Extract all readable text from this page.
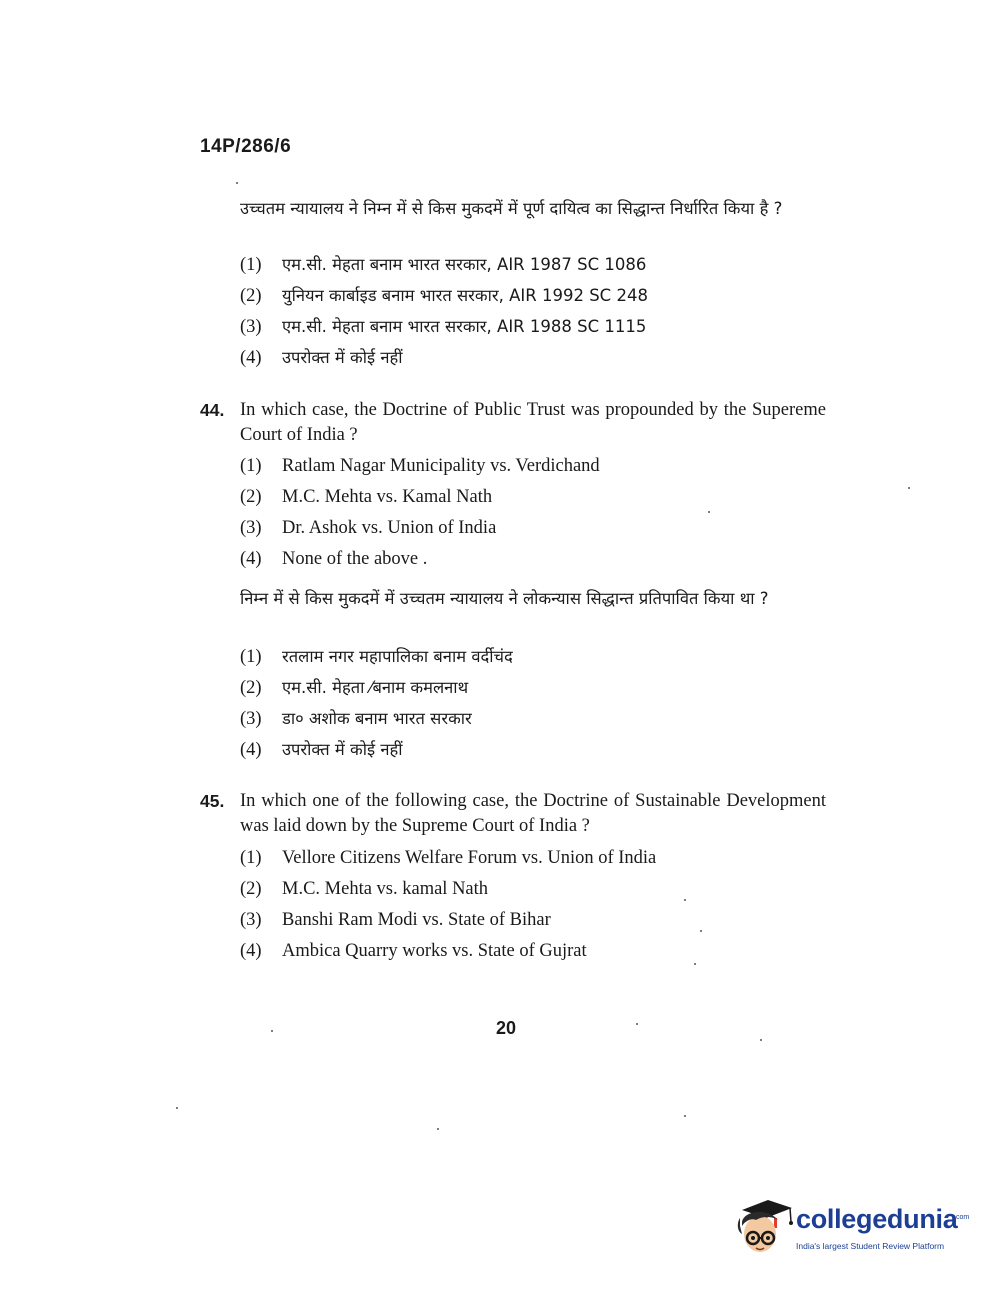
14P/286/6
उच्चतम न्यायालय ने निम्न में से किस मुकदमें में पूर्ण दायित्व का सिद्धान्त निर्धारित किया है ?
(1) एम.सी. मेहता बनाम भारत सरकार, AIR 1987 SC 1086
(2) युनियन कार्बाइड बनाम भारत सरकार, AIR 1992 SC 248
(3) एम.सी. मेहता बनाम भारत सरकार, AIR 1988 SC 1115
(4) उपरोक्त में कोई नहीं
44. In which case, the Doctrine of Public Trust was propounded by the Supereme Court of India ?
(1) Ratlam Nagar Municipality vs. Verdichand
(2) M.C. Mehta vs. Kamal Nath
(3) Dr. Ashok vs. Union of India
(4) None of the above .
निम्न में से किस मुकदमें में उच्चतम न्यायालय ने लोकन्यास सिद्धान्त प्रतिपावित किया था ?
(1) रतलाम नगर महापालिका बनाम वर्दीचंद
(2) एम.सी. मेहता ⁄बनाम कमलनाथ
(3) डा० अशोक बनाम भारत सरकार
(4) उपरोक्त में कोई नहीं
45. In which one of the following case, the Doctrine of Sustainable Development was laid down by the Supreme Court of India ?
(1) Vellore Citizens Welfare Forum vs. Union of India
(2) M.C. Mehta vs. kamal Nath
(3) Banshi Ram Modi vs. State of Bihar
(4) Ambica Quarry works vs. State of Gujrat
20
collegedunia
.com
India's largest Student Review Platform
